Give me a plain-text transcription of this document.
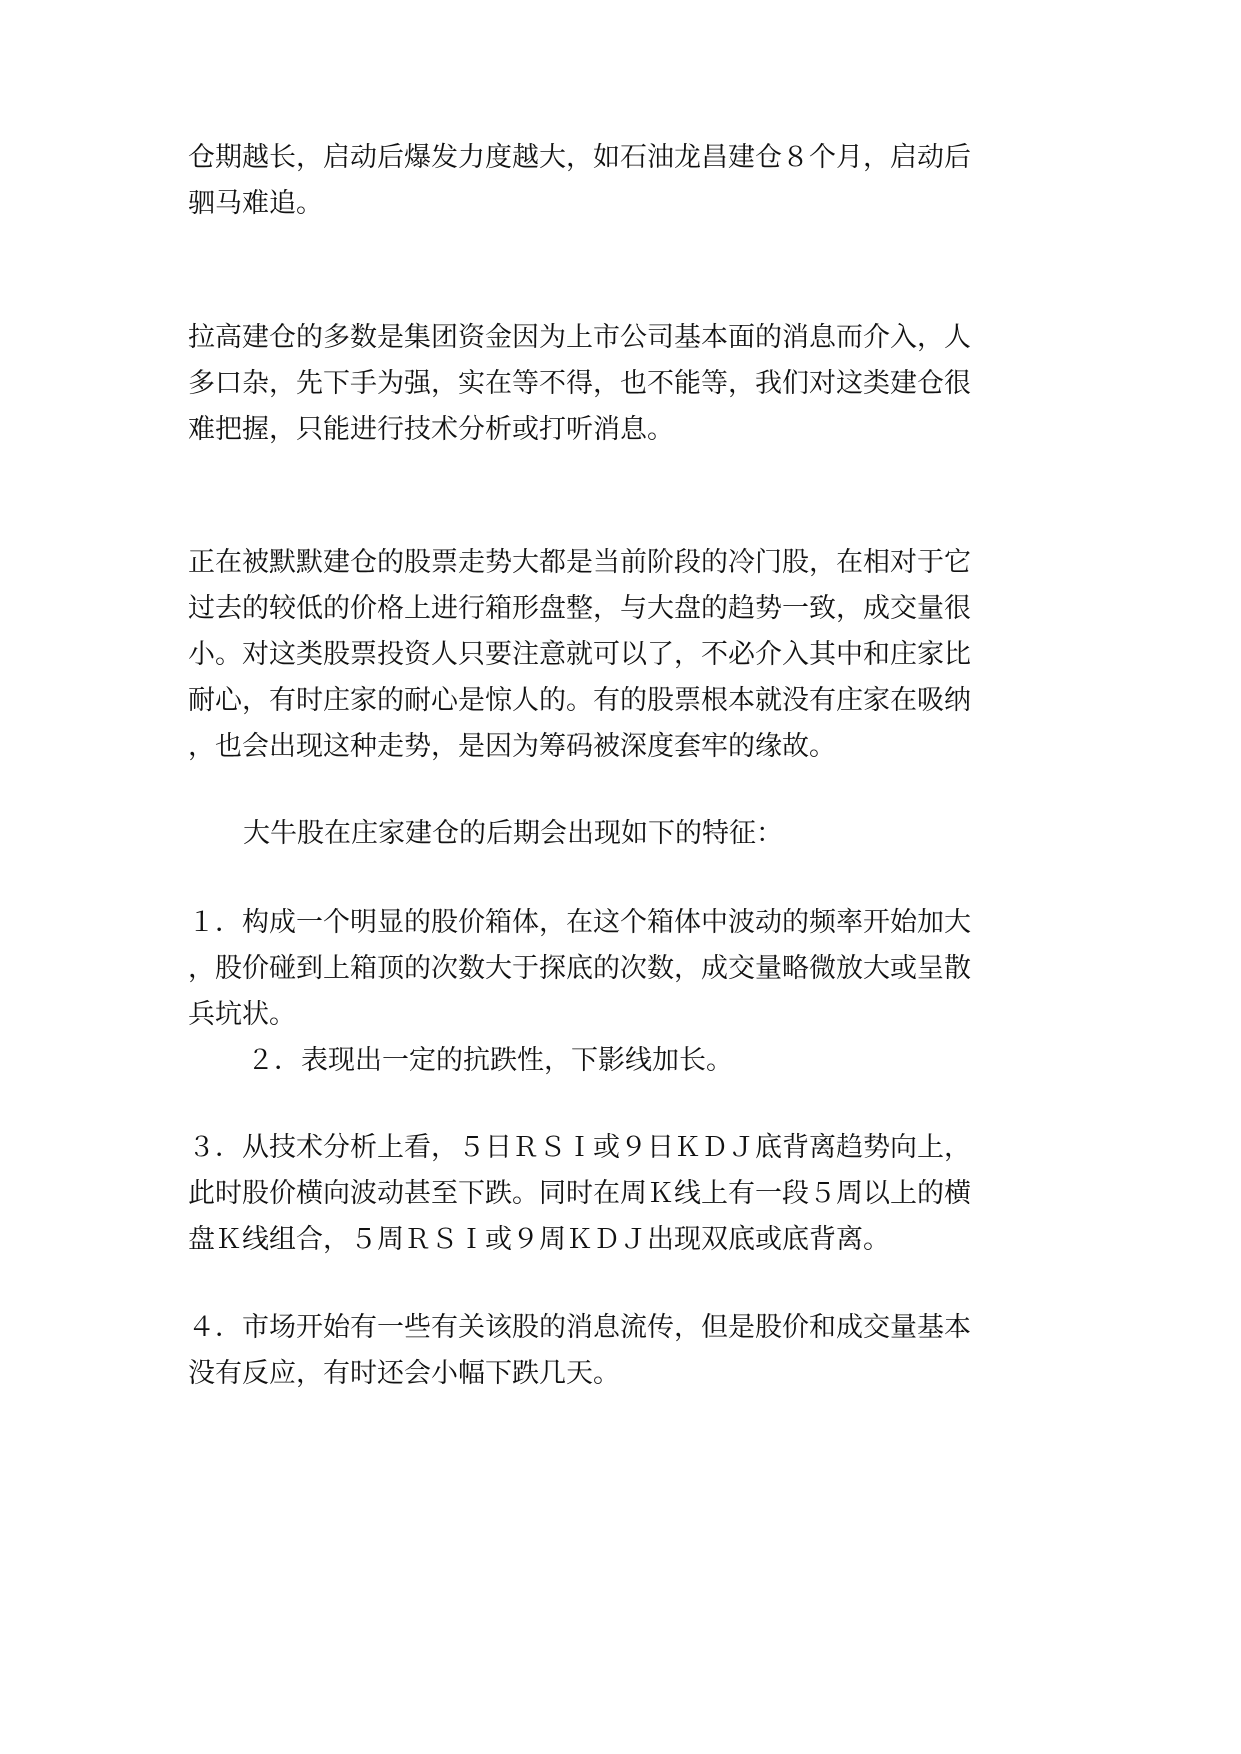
仓期越长，启动后爆发力度越大，如石油龙昌建仓８个月，启动后

驷马难追。

拉高建仓的多数是集团资金因为上市公司基本面的消息而介入，人

多口杂，先下手为强，实在等不得，也不能等，我们对这类建仓很

难把握，只能进行技术分析或打听消息。

正在被默默建仓的股票走势大都是当前阶段的冷门股，在相对于它

过去的较低的价格上进行箱形盘整，与大盘的趋势一致，成交量很

小。对这类股票投资人只要注意就可以了，不必介入其中和庄家比

耐心，有时庄家的耐心是惊人的。有的股票根本就没有庄家在吸纳

，也会出现这种走势，是因为筹码被深度套牢的缘故。

大牛股在庄家建仓的后期会出现如下的特征：

１．构成一个明显的股价箱体，在这个箱体中波动的频率开始加大

，股价碰到上箱顶的次数大于探底的次数，成交量略微放大或呈散

兵坑状。

２．表现出一定的抗跌性，下影线加长。

３．从技术分析上看，５日ＲＳＩ或９日ＫＤＪ底背离趋势向上，

此时股价横向波动甚至下跌。同时在周Ｋ线上有一段５周以上的横

盘Ｋ线组合，５周ＲＳＩ或９周ＫＤＪ出现双底或底背离。

４．市场开始有一些有关该股的消息流传，但是股价和成交量基本

没有反应，有时还会小幅下跌几天。
